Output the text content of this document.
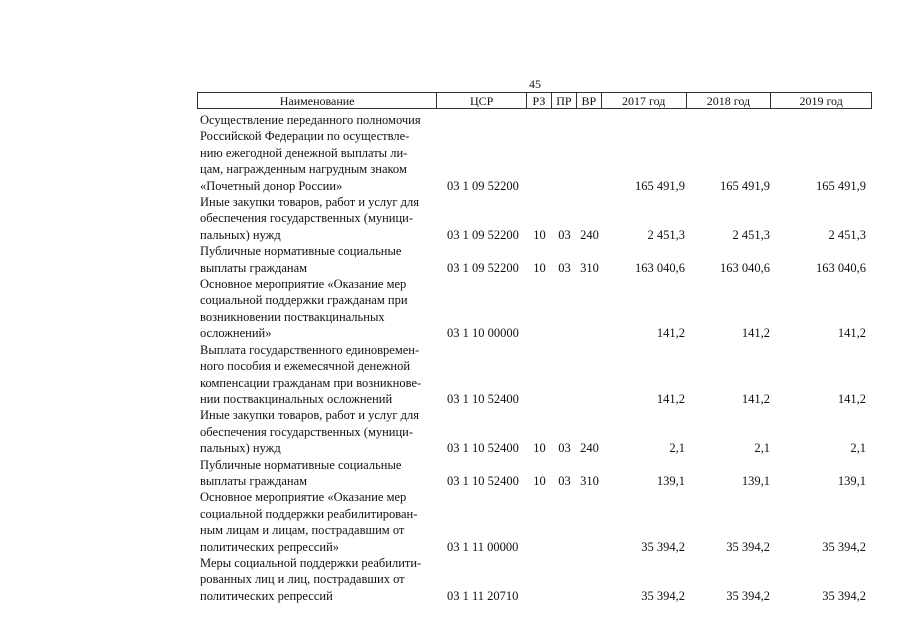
45
Наименование	ЦСР	РЗ ПР ВР	2017 год	2018 год	2019 год
Осуществление переданного полномочия
Российской Федерации по осуществле-
нию ежегодной денежной выплаты ли-
цам, награжденным нагрудным знаком
«Почетный донор России»	03 1 09 52200	165 491,9	165 491,9	165 491,9
Иные закупки товаров, работ и услуг для
обеспечения государственных (муници-
пальных) нужд	03 1 09 52200	10	03 240	2 451,3	2 451,3	2 451,3
Публичные нормативные социальные
выплаты гражданам	03 1 09 52200	10	03 310	163 040,6	163 040,6	163 040,6
Основное мероприятие «Оказание мер
социальной поддержки гражданам при
возникновении поствакцинальных
осложнений»	03 1 10 00000	141,2	141,2	141,2
Выплата государственного единовремен-
ного пособия и ежемесячной денежной
компенсации гражданам при возникнове-
нии поствакцинальных осложнений	03 1 10 52400	141,2	141,2	141,2
Иные закупки товаров, работ и услуг для
обеспечения государственных (муници-
пальных) нужд	03 1 10 52400	10	03 240	2,1	2,1	2,1
Публичные нормативные социальные
выплаты гражданам	03 1 10 52400	10	03 310	139,1	139,1	139,1
Основное мероприятие «Оказание мер
социальной поддержки реабилитирован-
ным лицам и лицам, пострадавшим от
политических репрессий»	03 1 11 00000	35 394,2	35 394,2	35 394,2
Меры социальной поддержки реабилити-
рованных лиц и лиц, пострадавших от
политических репрессий	03 1 11 20710	35 394,2	35 394,2	35 394,2
